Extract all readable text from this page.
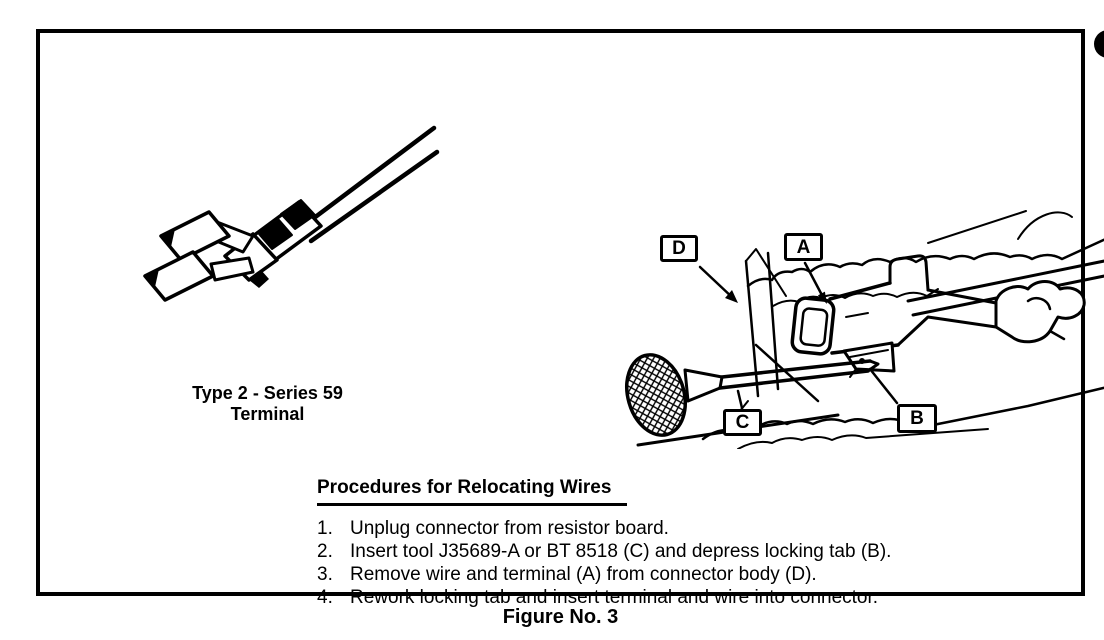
D	A
C	B
Type 2 - Series 59
Terminal
Procedures for Relocating Wires
1. Unplug connector from resistor board.
2. Insert tool J35689-A or BT 8518 (C) and depress locking tab (B).
3. Remove wire and terminal (A) from connector body (D).
4. Rework locking tab and insert terminal and wire into connector.
Figure No. 3
